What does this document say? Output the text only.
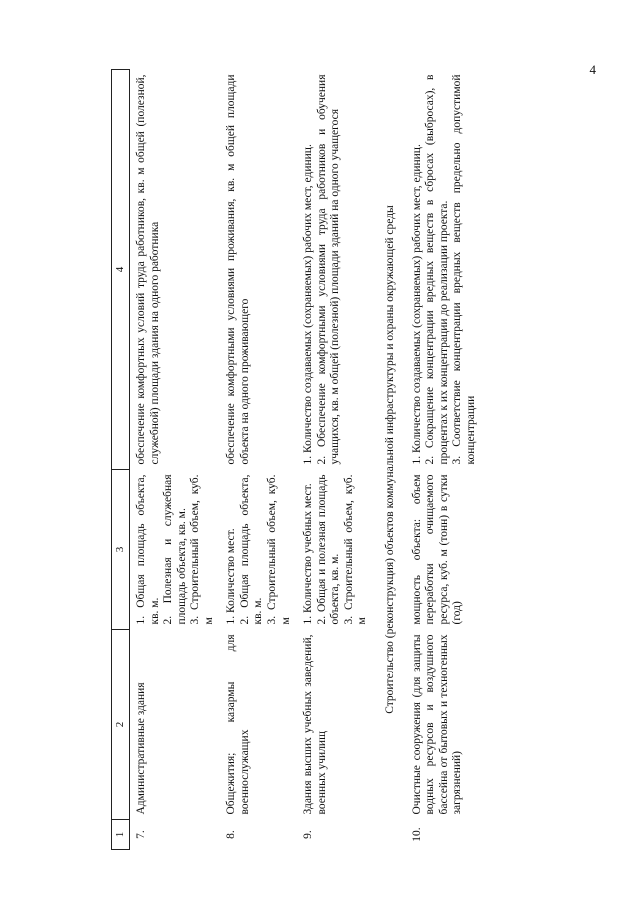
4
1	2	3	4
7.	Административные здания	1. Общая площадь объекта, кв. м. 2. Полезная и служебная площадь объекта, кв. м. 3. Строительный объем, куб. м	обеспечение комфортных условий труда работников, кв. м общей (полезной, служебной) площади здания на одного работника

8.	Общежития; казармы для военнослужащих	1. Количество мест. 2. Общая площадь объекта, кв. м. 3. Строительный объем, куб. м	обеспечение комфортными условиями проживания, кв. м общей площади объекта на одного проживающего

9.	Здания высших учебных заведений, военных училищ	1. Количество учебных мест. 2. Общая и полезная площадь объекта, кв. м. 3. Строительный объем, куб. м	1. Количество создаваемых (сохраняемых) рабочих мест, единиц. 2. Обеспечение комфортными условиями труда работников и обучения учащихся, кв. м общей (полезной) площади зданий на одного учащегося

Строительство (реконструкция) объектов коммунальной инфраструктуры и охраны окружающей среды			
10.	Очистные сооружения (для защиты водных ресурсов и воздушного бассейна от бытовых и техногенных загрязнений)	мощность объекта: объем переработки очищаемого ресурса, куб. м (тонн) в сутки (год)	1. Количество создаваемых (сохраняемых) рабочих мест, единиц. 2. Сокращение концентрации вредных веществ в сбросах (выбросах), в процентах к их концентрации до реализации проекта. 3. Соответствие концентрации вредных веществ предельно допустимой концентрации
